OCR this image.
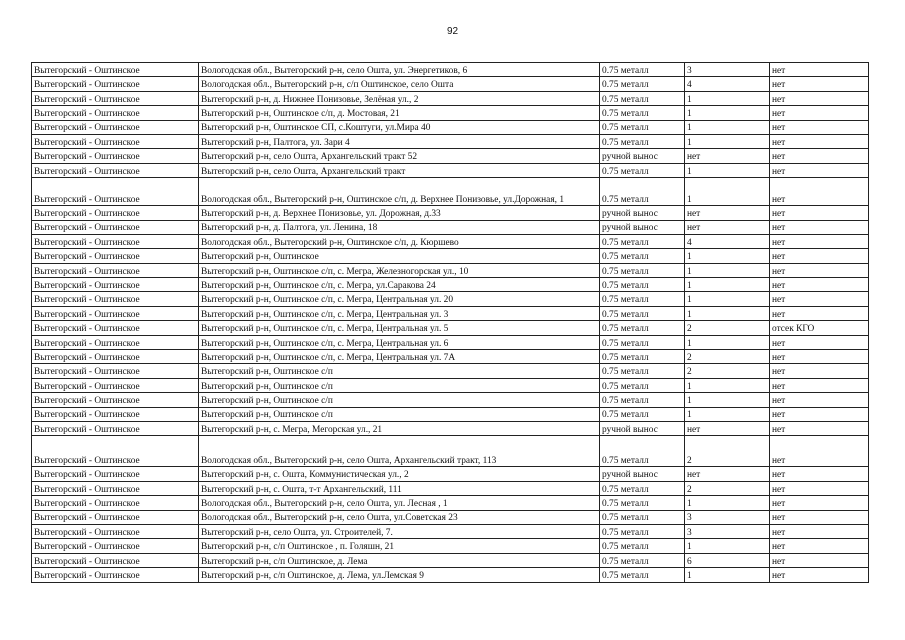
92
Вытегорский - Оштинское	Вологодская обл., Вытегорский р-н, село Ошта, ул. Энергетиков, 6	0.75 металл	3	нет
Вытегорский - Оштинское	Вологодская обл., Вытегорский р-н, с/п Оштинское, село Ошта	0.75 металл	4	нет
Вытегорский - Оштинское	Вытегорский р-н, д. Нижнее Понизовье, Зелёная ул., 2	0.75 металл	1	нет
Вытегорский - Оштинское	Вытегорский р-н, Оштинское с/п, д. Мостовая, 21	0.75 металл	1	нет
Вытегорский - Оштинское	Вытегорский р-н, Оштинское СП, с.Коштуги, ул.Мира 40	0.75 металл	1	нет
Вытегорский - Оштинское	Вытегорский р-н, Палтога, ул. Зари 4	0.75 металл	1	нет
Вытегорский - Оштинское	Вытегорский р-н, село Ошта, Архангельский тракт 52	ручной вынос	нет	нет
Вытегорский - Оштинское	Вытегорский р-н, село Ошта, Архангельский тракт	0.75 металл	1	нет
Вытегорский - Оштинское	Вологодская обл., Вытегорский р-н, Оштинское с/п, д. Верхнее Понизовье, ул.Дорожная, 1	0.75 металл	1	нет
Вытегорский - Оштинское	Вытегорский р-н, д. Верхнее Понизовье, ул. Дорожная, д.33	ручной вынос	нет	нет
Вытегорский - Оштинское	Вытегорский р-н, д. Палтога, ул. Ленина, 18	ручной вынос	нет	нет
Вытегорский - Оштинское	Вологодская обл., Вытегорский р-н, Оштинское с/п, д. Кюршево	0.75 металл	4	нет
Вытегорский - Оштинское	Вытегорский р-н, Оштинское	0.75 металл	1	нет
Вытегорский - Оштинское	Вытегорский р-н, Оштинское с/п, с. Мегра, Железногорская ул., 10	0.75 металл	1	нет
Вытегорский - Оштинское	Вытегорский р-н, Оштинское с/п, с. Мегра, ул.Саракова 24	0.75 металл	1	нет
Вытегорский - Оштинское	Вытегорский р-н, Оштинское с/п, с. Мегра, Центральная ул. 20	0.75 металл	1	нет
Вытегорский - Оштинское	Вытегорский р-н, Оштинское с/п, с. Мегра, Центральная ул. 3	0.75 металл	1	нет
Вытегорский - Оштинское	Вытегорский р-н, Оштинское с/п, с. Мегра, Центральная ул. 5	0.75 металл	2	отсек КГО
Вытегорский - Оштинское	Вытегорский р-н, Оштинское с/п, с. Мегра, Центральная ул. 6	0.75 металл	1	нет
Вытегорский - Оштинское	Вытегорский р-н, Оштинское с/п, с. Мегра, Центральная ул. 7А	0.75 металл	2	нет
Вытегорский - Оштинское	Вытегорский р-н, Оштинское с/п	0.75 металл	2	нет
Вытегорский - Оштинское	Вытегорский р-н, Оштинское с/п	0.75 металл	1	нет
Вытегорский - Оштинское	Вытегорский р-н, Оштинское с/п	0.75 металл	1	нет
Вытегорский - Оштинское	Вытегорский р-н, Оштинское с/п	0.75 металл	1	нет
Вытегорский - Оштинское	Вытегорский р-н, с. Мегра, Мегорская ул., 21	ручной вынос	нет	нет
Вытегорский - Оштинское	Вологодская обл., Вытегорский р-н, село Ошта, Архангельский тракт, 113	0.75 металл	2	нет
Вытегорский - Оштинское	Вытегорский р-н, с. Ошта, Коммунистическая ул., 2	ручной вынос	нет	нет
Вытегорский - Оштинское	Вытегорский р-н, с. Ошта, т-т Архангельский, 111	0.75 металл	2	нет
Вытегорский - Оштинское	Вологодская обл., Вытегорский р-н, село Ошта, ул. Лесная , 1	0.75 металл	1	нет
Вытегорский - Оштинское	Вологодская обл., Вытегорский р-н, село Ошта, ул.Советская 23	0.75 металл	3	нет
Вытегорский - Оштинское	Вытегорский р-н, село Ошта, ул. Строителей, 7.	0.75 металл	3	нет
Вытегорский - Оштинское	Вытегорский р-н, с/п Оштинское , п. Голяшн, 21	0.75 металл	1	нет
Вытегорский - Оштинское	Вытегорский р-н, с/п Оштинское, д. Лема	0.75 металл	6	нет
Вытегорский - Оштинское	Вытегорский р-н, с/п Оштинское, д. Лема, ул.Лемская 9	0.75 металл	1	нет
